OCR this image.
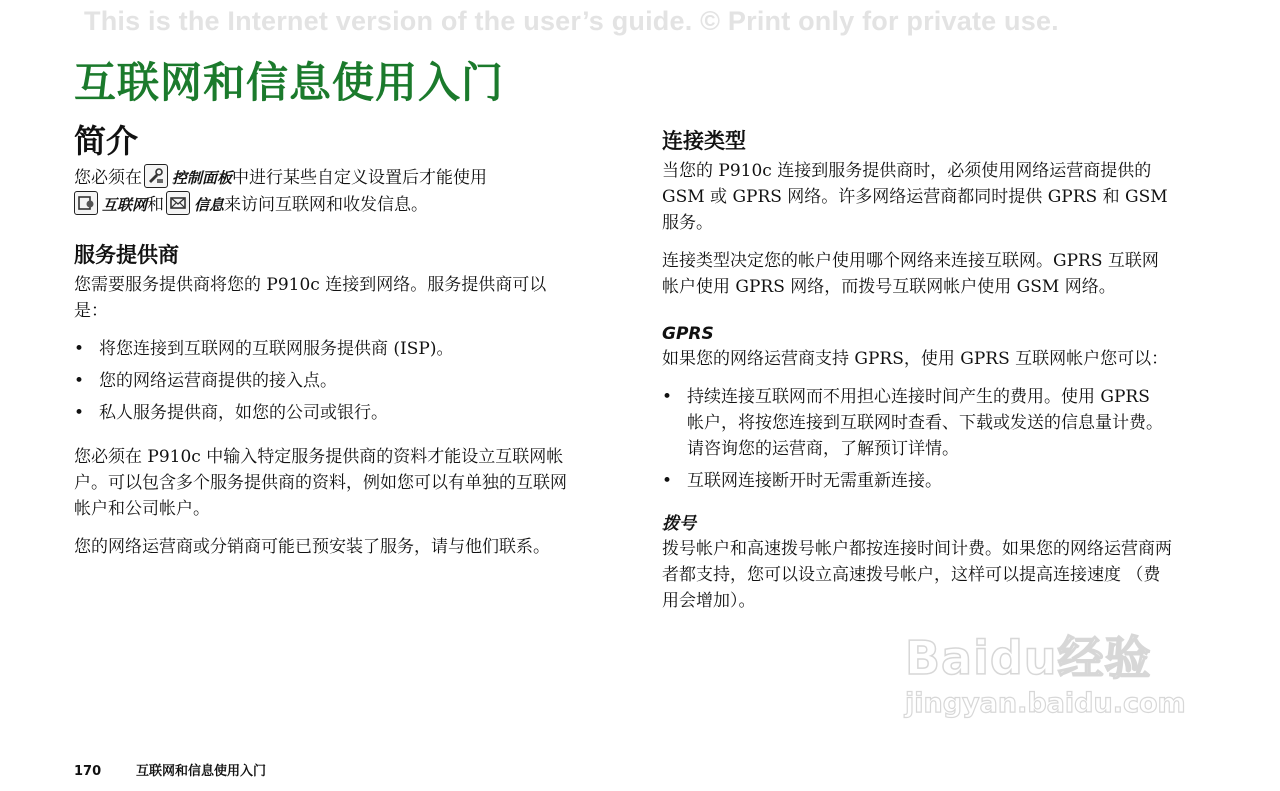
This is the Internet version of the user’s guide. © Print only for private use.
互联网和信息使用入门
简介

您必须在 控制面板中进行某些自定义设置后才能使用

互联网和 信息来访问互联网和收发信息。

服务提供商

您需要服务提供商将您的 P910c 连接到网络。服务提供商可以是：

• 将您连接到互联网的互联网服务提供商 (ISP)。
• 您的网络运营商提供的接入点。
• 私人服务提供商，如您的公司或银行。

您必须在 P910c 中输入特定服务提供商的资料才能设立互联网帐户。可以包含多个服务提供商的资料，例如您可以有单独的互联网帐户和公司帐户。

您的网络运营商或分销商可能已预安装了服务，请与他们联系。

连接类型

当您的 P910c 连接到服务提供商时，必须使用网络运营商提供的 GSM 或 GPRS 网络。许多网络运营商都同时提供 GPRS 和 GSM 服务。

连接类型决定您的帐户使用哪个网络来连接互联网。GPRS 互联网帐户使用 GPRS 网络，而拨号互联网帐户使用 GSM 网络。

GPRS

如果您的网络运营商支持 GPRS，使用 GPRS 互联网帐户您可以：

• 持续连接互联网而不用担心连接时间产生的费用。使用 GPRS 帐户，将按您连接到互联网时查看、下载或发送的信息量计费。请咨询您的运营商，了解预订详情。
• 互联网连接断开时无需重新连接。
拨号

拨号帐户和高速拨号帐户都按连接时间计费。如果您的网络运营商两者都支持，您可以设立高速拨号帐户，这样可以提高连接速度 （费用会增加）。

170	互联网和信息使用入门
Baidu经验
jingyan.baidu.com
